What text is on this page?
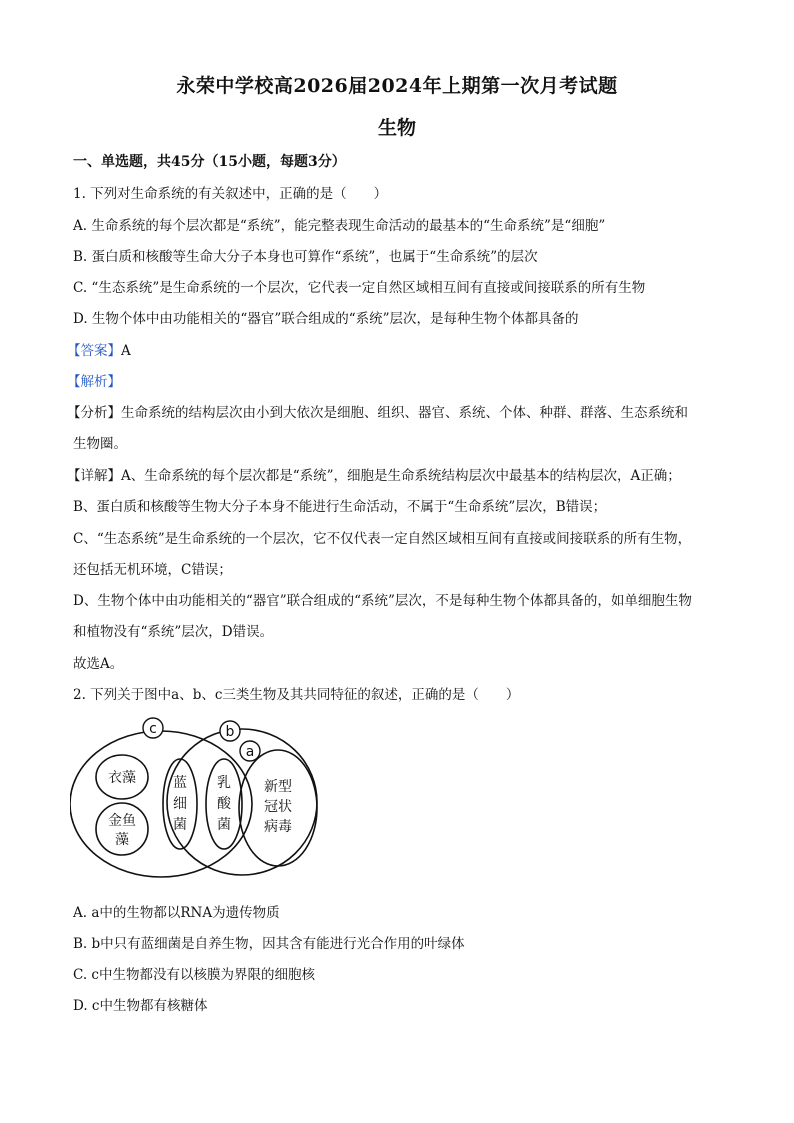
永荣中学校高2026届2024年上期第一次月考试题
生物
一、单选题，共45分（15小题，每题3分）
1. 下列对生命系统的有关叙述中，正确的是（　　）
A. 生命系统的每个层次都是“系统”，能完整表现生命活动的最基本的“生命系统”是“细胞”
B. 蛋白质和核酸等生命大分子本身也可算作“系统”，也属于“生命系统”的层次
C. “生态系统”是生命系统的一个层次，它代表一定自然区域相互间有直接或间接联系的所有生物
D. 生物个体中由功能相关的“器官”联合组成的“系统”层次，是每种生物个体都具备的
【答案】A
【解析】
【分析】生命系统的结构层次由小到大依次是细胞、组织、器官、系统、个体、种群、群落、生态系统和
生物圈。
【详解】A、生命系统的每个层次都是“系统”，细胞是生命系统结构层次中最基本的结构层次，A正确；
B、蛋白质和核酸等生物大分子本身不能进行生命活动，不属于“生命系统”层次，B错误；
C、“生态系统”是生命系统的一个层次，它不仅代表一定自然区域相互间有直接或间接联系的所有生物，
还包括无机环境，C错误；
D、生物个体中由功能相关的“器官”联合组成的“系统”层次，不是每种生物个体都具备的，如单细胞生物
和植物没有“系统”层次，D错误。
故选A。
2. 下列关于图中a、b、c三类生物及其共同特征的叙述，正确的是（　　）
c	b
a
衣藻
金鱼
藻
蓝
细
菌
乳
酸
菌
新型
冠状
病毒
A. a中的生物都以RNA为遗传物质
B. b中只有蓝细菌是自养生物，因其含有能进行光合作用的叶绿体
C. c中生物都没有以核膜为界限的细胞核
D. c中生物都有核糖体
